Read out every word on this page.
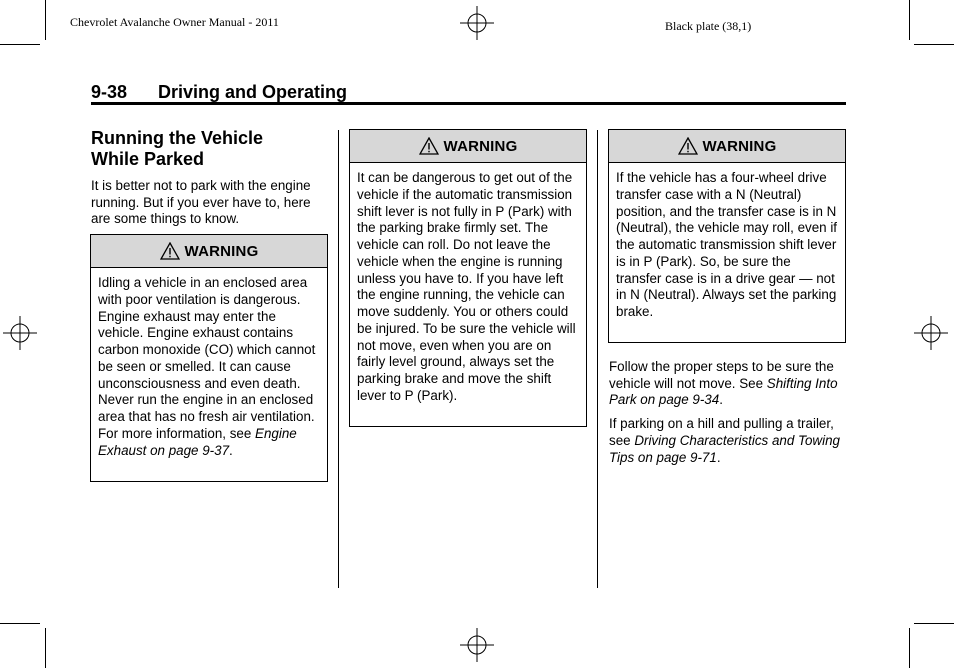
Chevrolet Avalanche Owner Manual - 2011	Black plate (38,1)
9-38 Driving and Operating
Running the Vehicle
While Parked
It is better not to park with the engine running. But if you ever have to, here are some things to know.
WARNING

Idling a vehicle in an enclosed area with poor ventilation is dangerous. Engine exhaust may enter the vehicle. Engine exhaust contains carbon monoxide (CO) which cannot be seen or smelled. It can cause unconsciousness and even death. Never run the engine in an enclosed area that has no fresh air ventilation. For more information, see Engine Exhaust on page 9-37.

WARNING

It can be dangerous to get out of the vehicle if the automatic transmission shift lever is not fully in P (Park) with the parking brake firmly set. The vehicle can roll. Do not leave the vehicle when the engine is running unless you have to. If you have left the engine running, the vehicle can move suddenly. You or others could be injured. To be sure the vehicle will not move, even when you are on fairly level ground, always set the parking brake and move the shift lever to P (Park).

WARNING

If the vehicle has a four-wheel drive transfer case with a N (Neutral) position, and the transfer case is in N (Neutral), the vehicle may roll, even if the automatic transmission shift lever is in P (Park). So, be sure the transfer case is in a drive gear — not in N (Neutral). Always set the parking brake.

Follow the proper steps to be sure the vehicle will not move. See Shifting Into Park on page 9-34.

If parking on a hill and pulling a trailer, see Driving Characteristics and Towing Tips on page 9-71.
